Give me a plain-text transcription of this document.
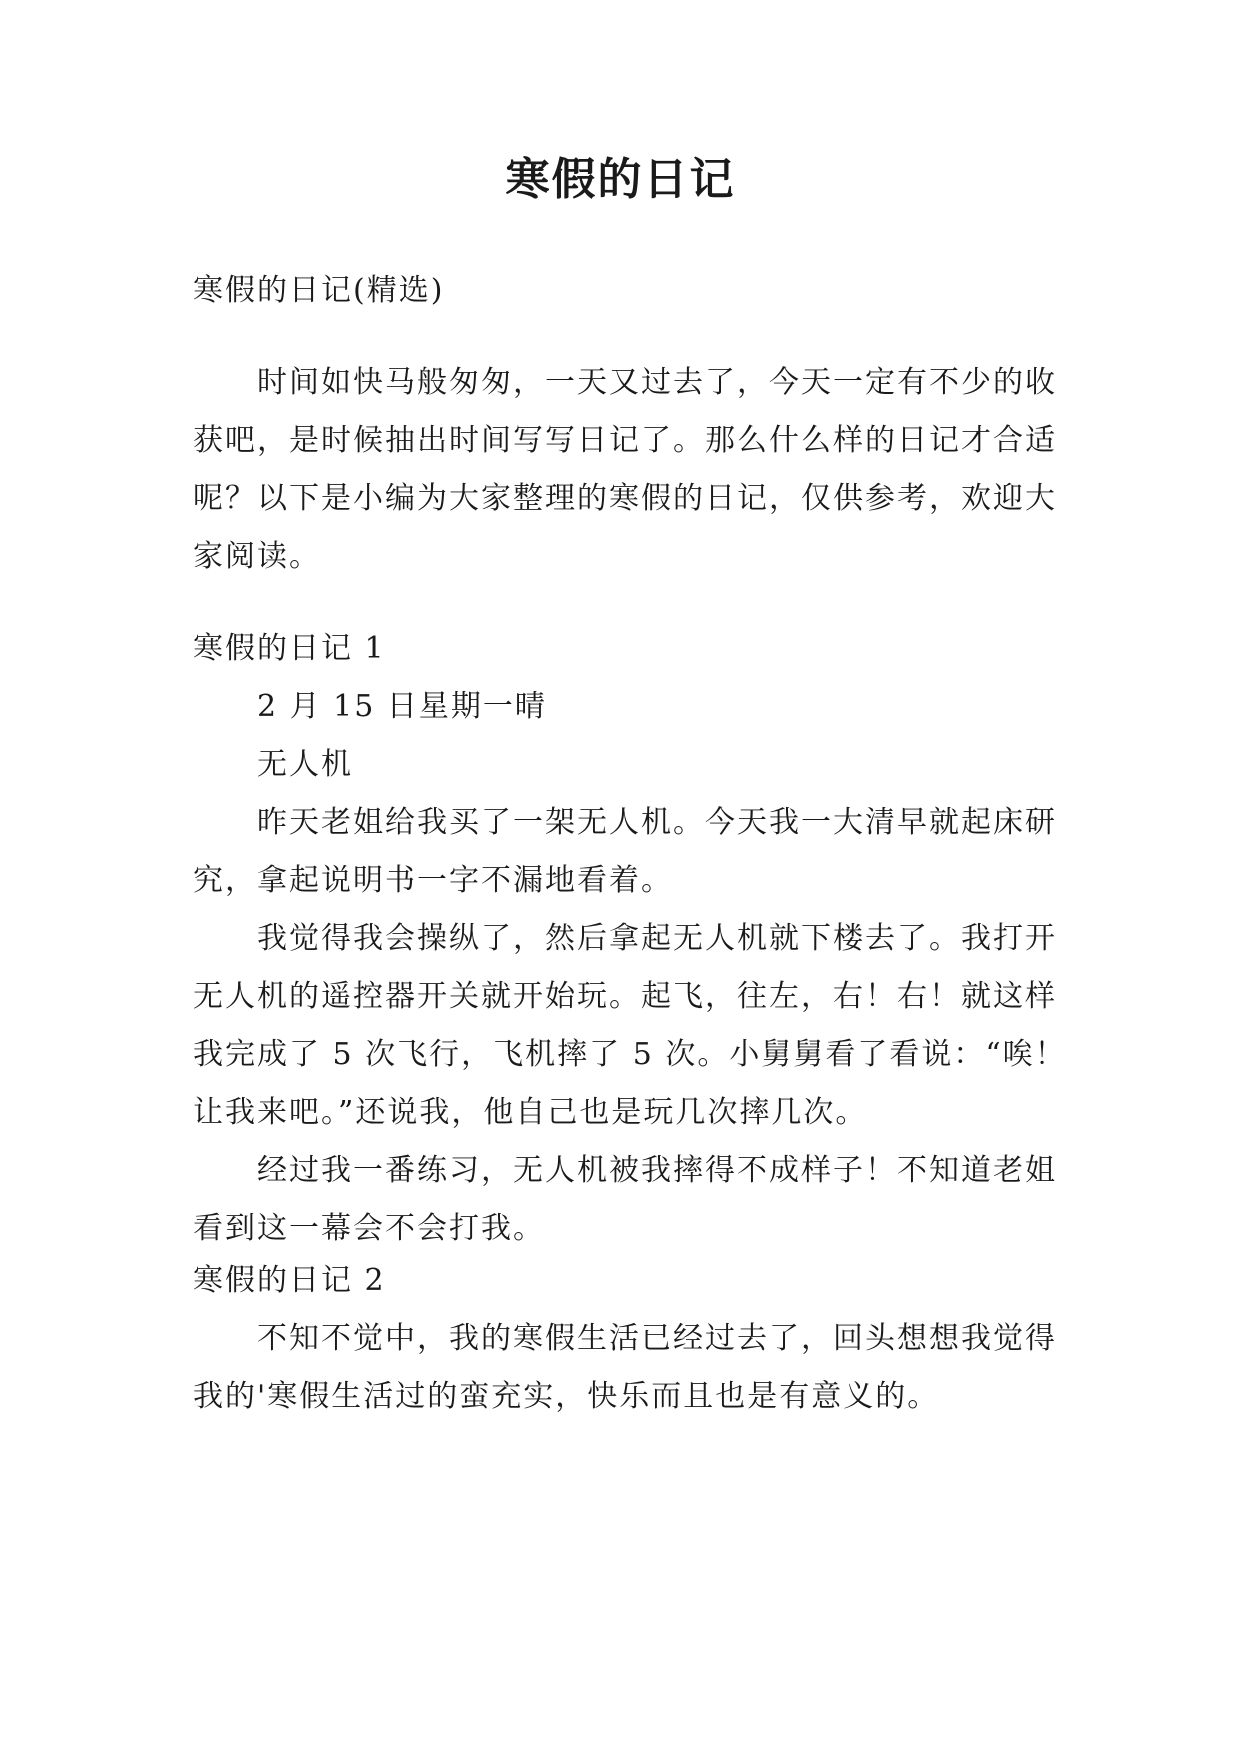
寒假的日记

寒假的日记(精选)

时间如快马般匆匆，一天又过去了，今天一定有不少的收获吧，是时候抽出时间写写日记了。那么什么样的日记才合适呢？以下是小编为大家整理的寒假的日记，仅供参考，欢迎大家阅读。

寒假的日记 1

2 月 15 日星期一晴

无人机

昨天老姐给我买了一架无人机。今天我一大清早就起床研究，拿起说明书一字不漏地看着。

我觉得我会操纵了，然后拿起无人机就下楼去了。我打开无人机的遥控器开关就开始玩。起飞，往左，右！右！就这样我完成了 5 次飞行，飞机摔了 5 次。小舅舅看了看说：“唉！让我来吧。”还说我，他自己也是玩几次摔几次。

经过我一番练习，无人机被我摔得不成样子！不知道老姐看到这一幕会不会打我。

寒假的日记 2

不知不觉中，我的寒假生活已经过去了，回头想想我觉得我的'寒假生活过的蛮充实，快乐而且也是有意义的。
